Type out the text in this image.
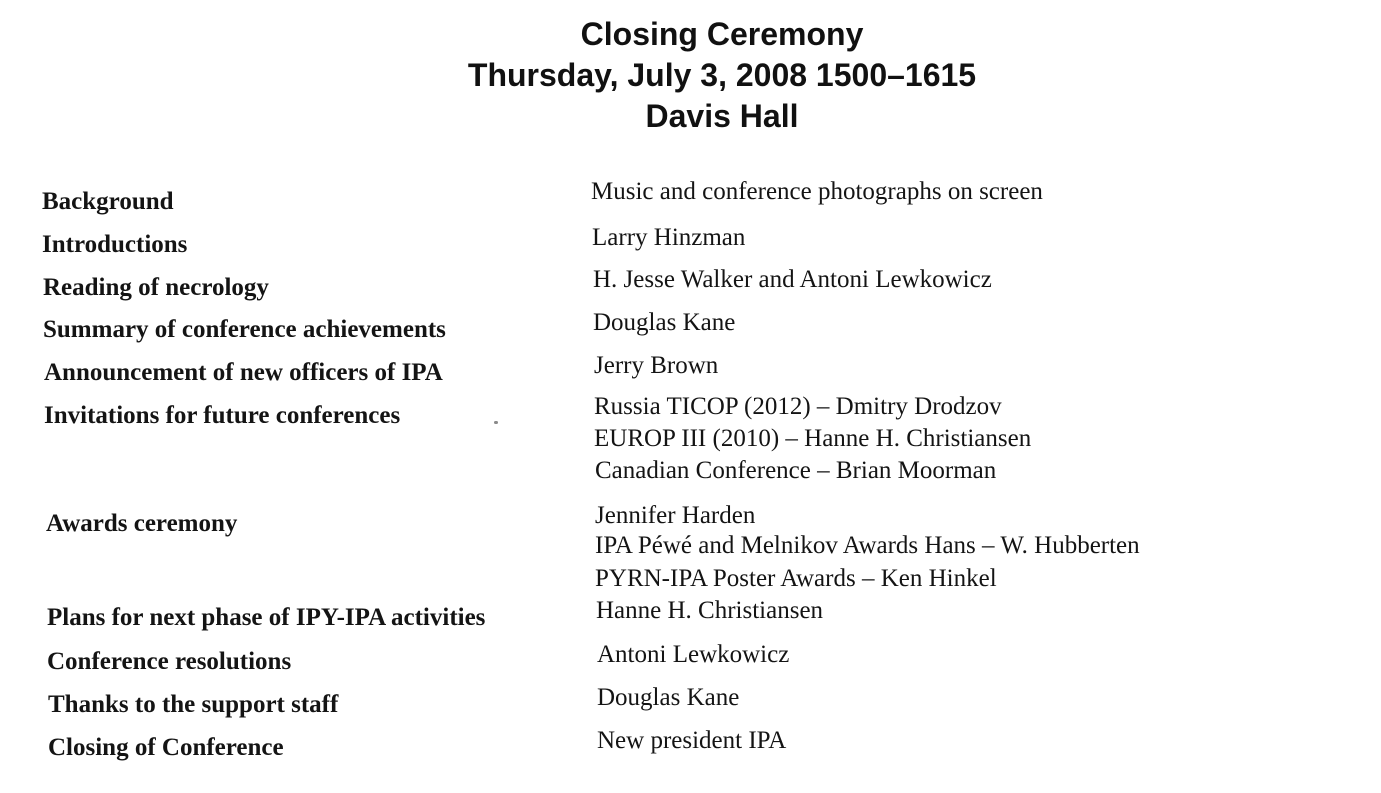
Closing Ceremony
Thursday, July 3, 2008 1500–1615
Davis Hall
Background
Introductions
Reading of necrology
Summary of conference achievements
Announcement of new officers of IPA
Invitations for future conferences
Awards ceremony
Plans for next phase of IPY-IPA activities
Conference resolutions
Thanks to the support staff
Closing of Conference
Music and conference photographs on screen
Larry Hinzman
H. Jesse Walker and Antoni Lewkowicz
Douglas Kane
Jerry Brown
Russia TICOP (2012) – Dmitry Drodzov
EUROP III (2010) – Hanne H. Christiansen
Canadian Conference – Brian Moorman
Jennifer Harden
IPA Péwé and Melnikov Awards Hans – W. Hubberten
PYRN-IPA Poster Awards – Ken Hinkel
Hanne H. Christiansen
Antoni Lewkowicz
Douglas Kane
New president IPA
